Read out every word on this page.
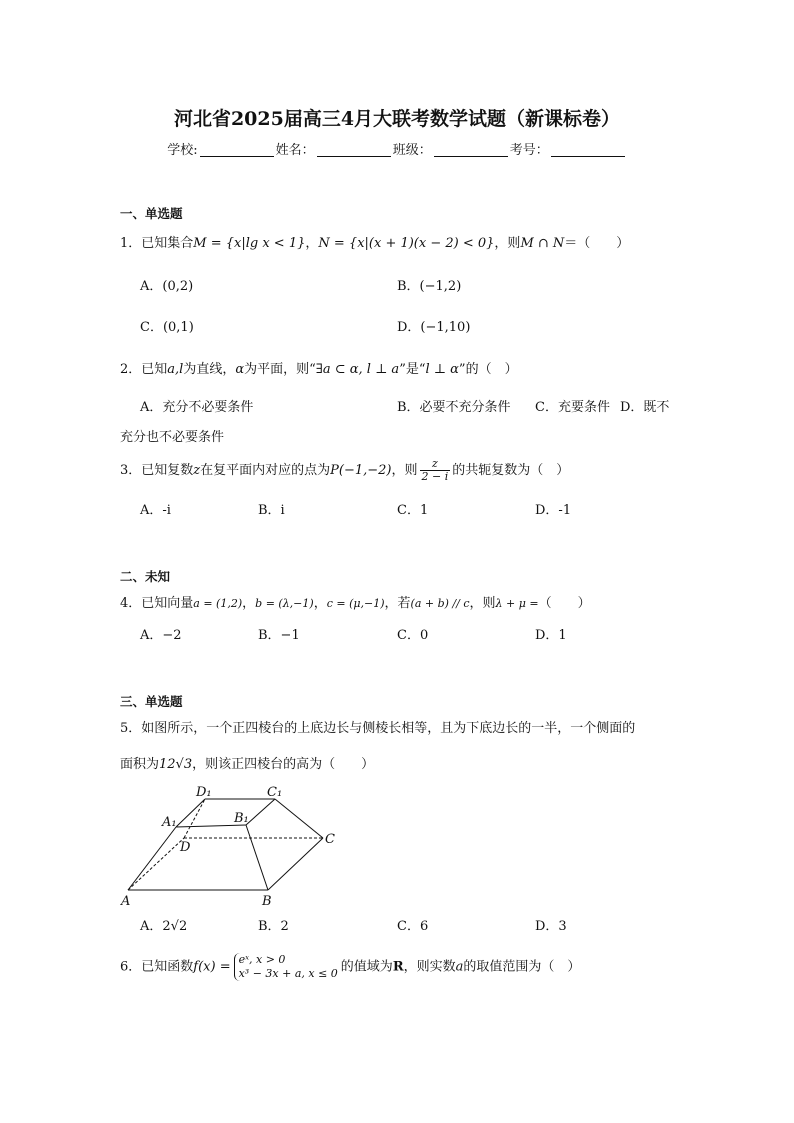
河北省2025届高三4月大联考数学试题（新课标卷）
学校:	姓名：	班级：	考号：
一、单选题
1．已知集合M = {x|lg x < 1}，N = {x|(x + 1)(x − 2) < 0}，则M ∩ N＝（　　）
A．(0,2)	B．(−1,2)
C．(0,1)	D．(−1,10)
2．已知a,l为直线，α为平面，则“∃a ⊂ α, l ⊥ a”是“l ⊥ α”的（　）
A．充分不必要条件	B．必要不充分条件 C．充要条件 D．既不
充分也不必要条件
3．已知复数z在复平面内对应的点为P(−1,−2)，则 $\frac{z}{2 - i}$ 的共轭复数为（　）
A．-i	B．i	C．1	D．-1
二、未知
4．已知向量a = (1,2)，b = (λ,−1)，c = (μ,−1)，若(a + b) // c，则λ + μ =（　　）
A．−2	B．−1	C．0	D．1
三、单选题
5．如图所示，一个正四棱台的上底边长与侧棱长相等，且为下底边长的一半，一个侧面的
面积为12√3，则该正四棱台的高为（　　）
D₁	C₁
A₁	B₁
D
C
A	B
A．2√2	B．2	C．6	D．3
6．已知函数f(x) = eˣ, x > 0
x³ − 3x + a, x ≤ 0 的值域为R，则实数a的取值范围为（　）
